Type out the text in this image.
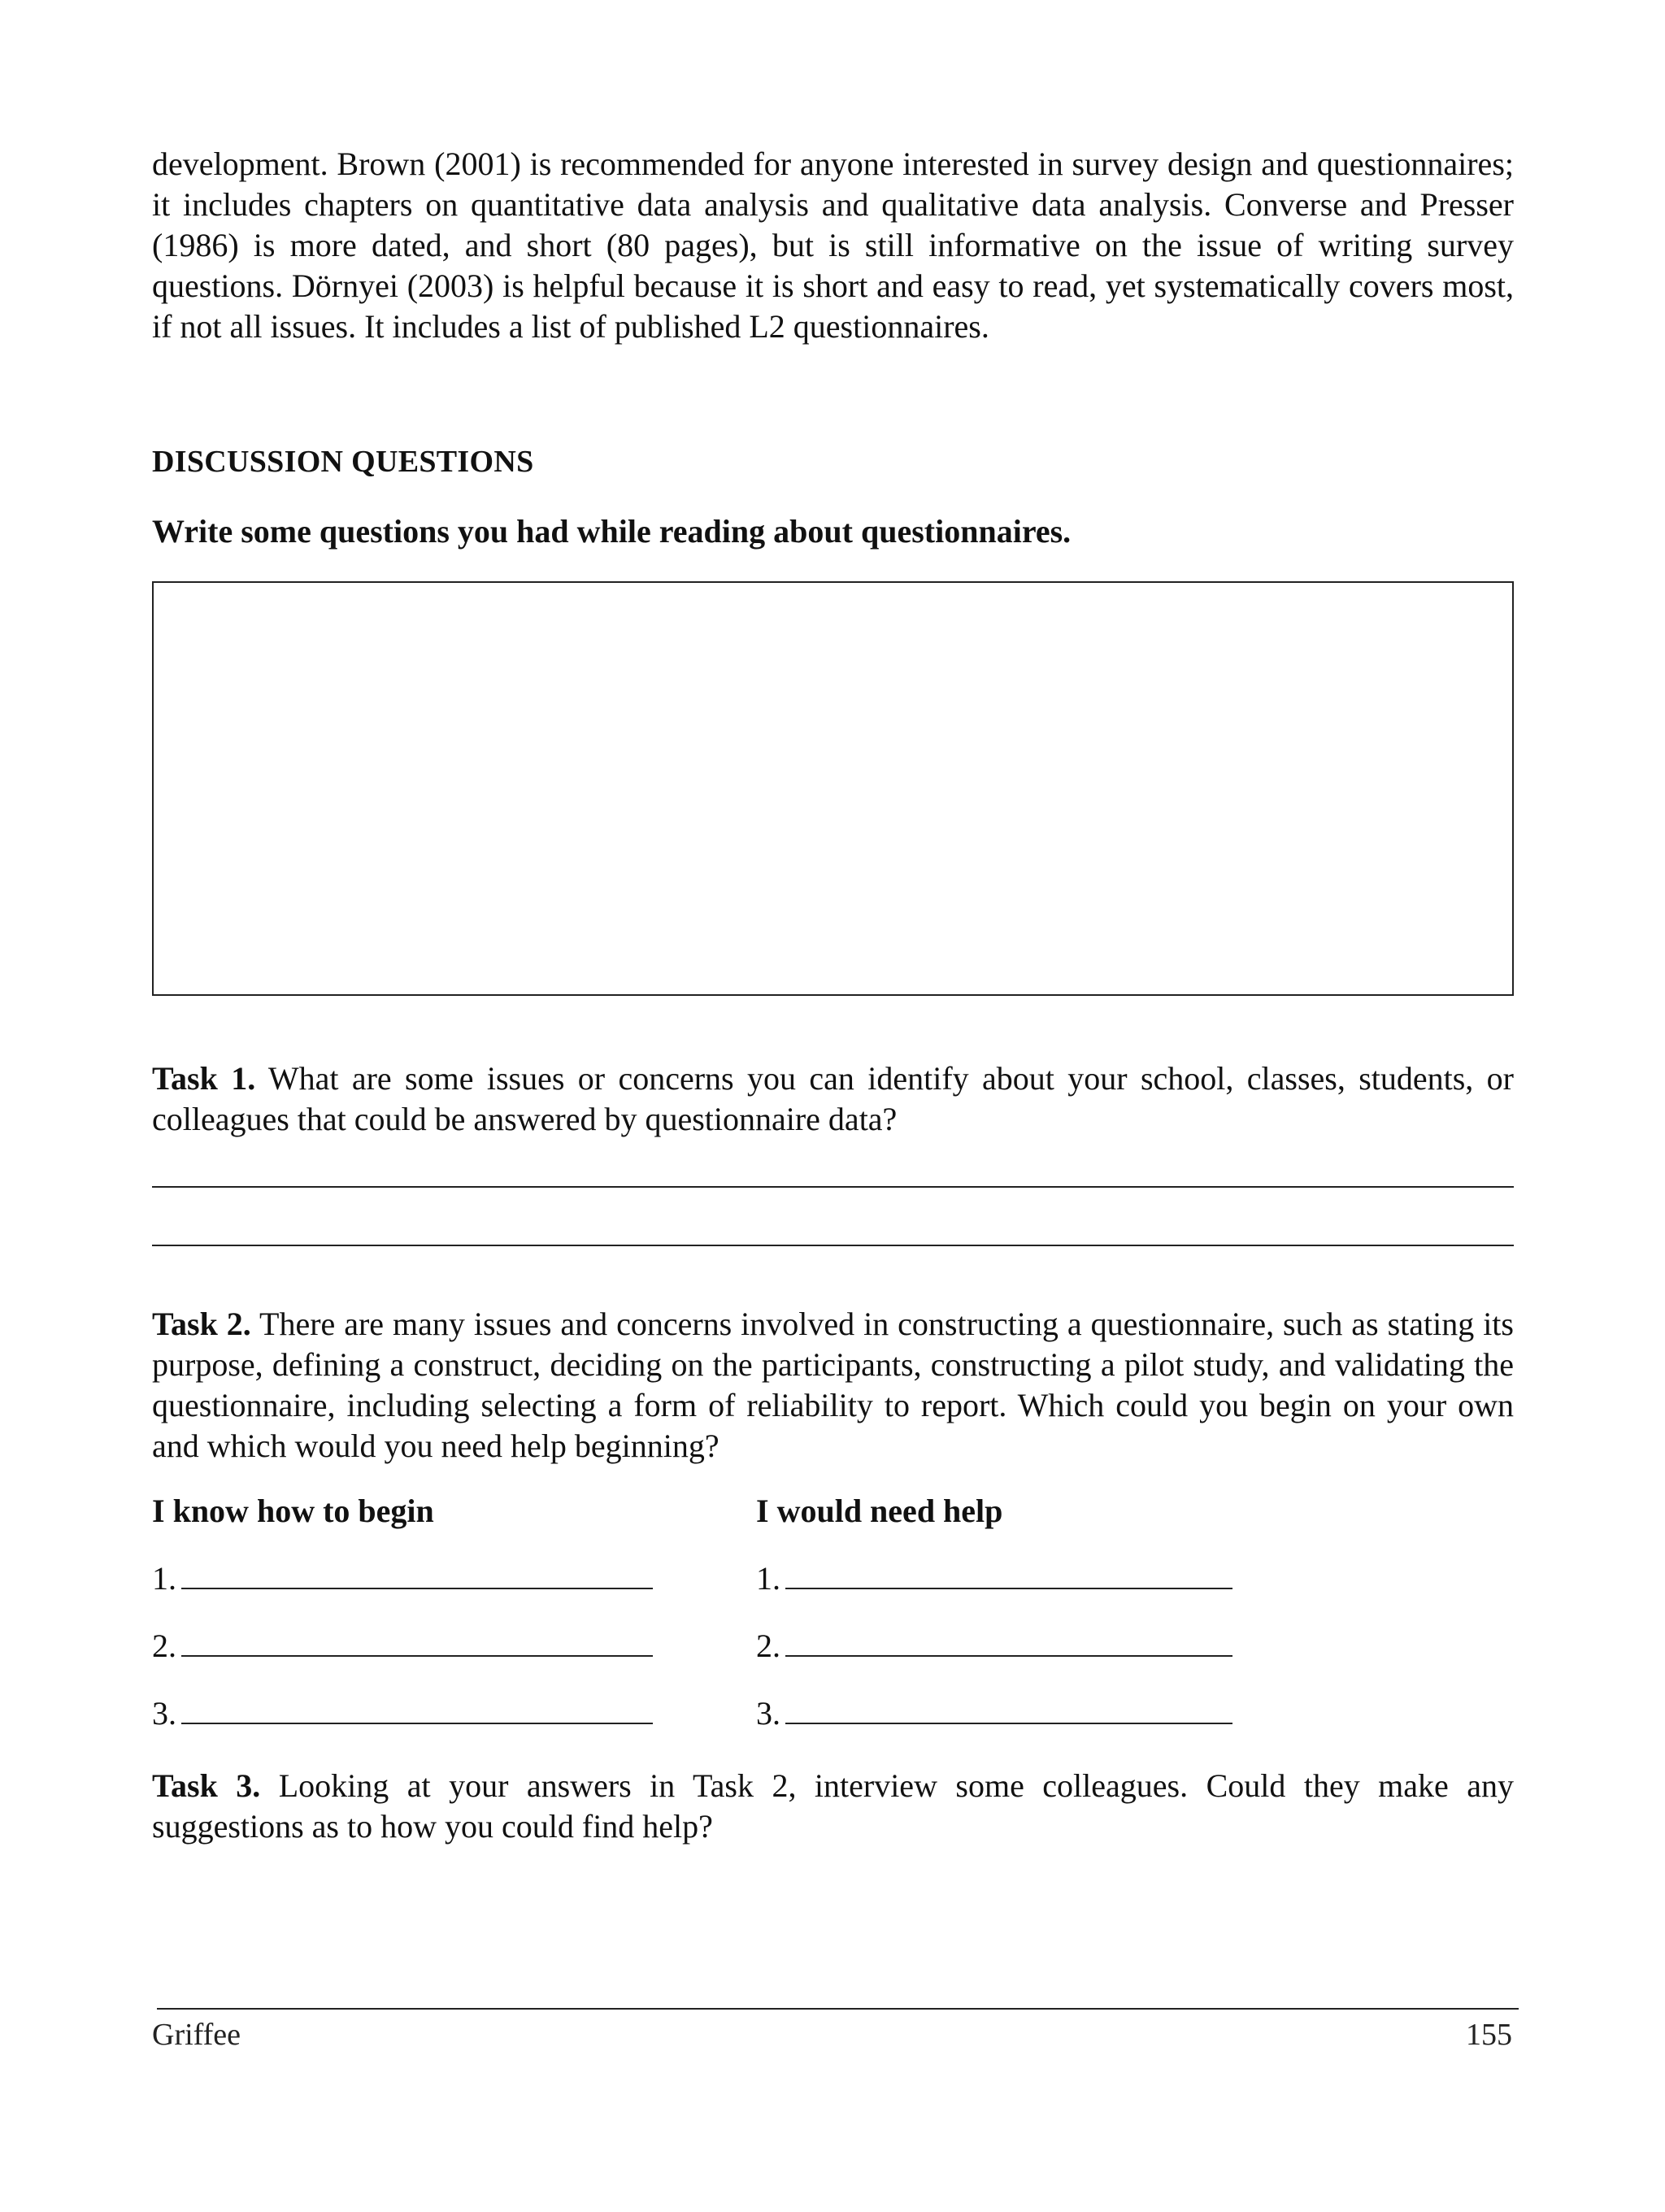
development. Brown (2001) is recommended for anyone interested in survey design and questionnaires; it includes chapters on quantitative data analysis and qualitative data analysis. Converse and Presser (1986) is more dated, and short (80 pages), but is still informative on the issue of writing survey questions. Dörnyei (2003) is helpful because it is short and easy to read, yet systematically covers most, if not all issues. It includes a list of published L2 questionnaires.

DISCUSSION QUESTIONS
Write some questions you had while reading about questionnaires.

Task 1. What are some issues or concerns you can identify about your school, classes, students, or colleagues that could be answered by questionnaire data?

Task 2. There are many issues and concerns involved in constructing a questionnaire, such as stating its purpose, defining a construct, deciding on the participants, constructing a pilot study, and validating the questionnaire, including selecting a form of reliability to report. Which could you begin on your own and which would you need help beginning?

I know how to begin	I would need help
1.
2.
3.
1.
2.
3.

Task 3. Looking at your answers in Task 2, interview some colleagues. Could they make any suggestions as to how you could find help?

Griffee	155
